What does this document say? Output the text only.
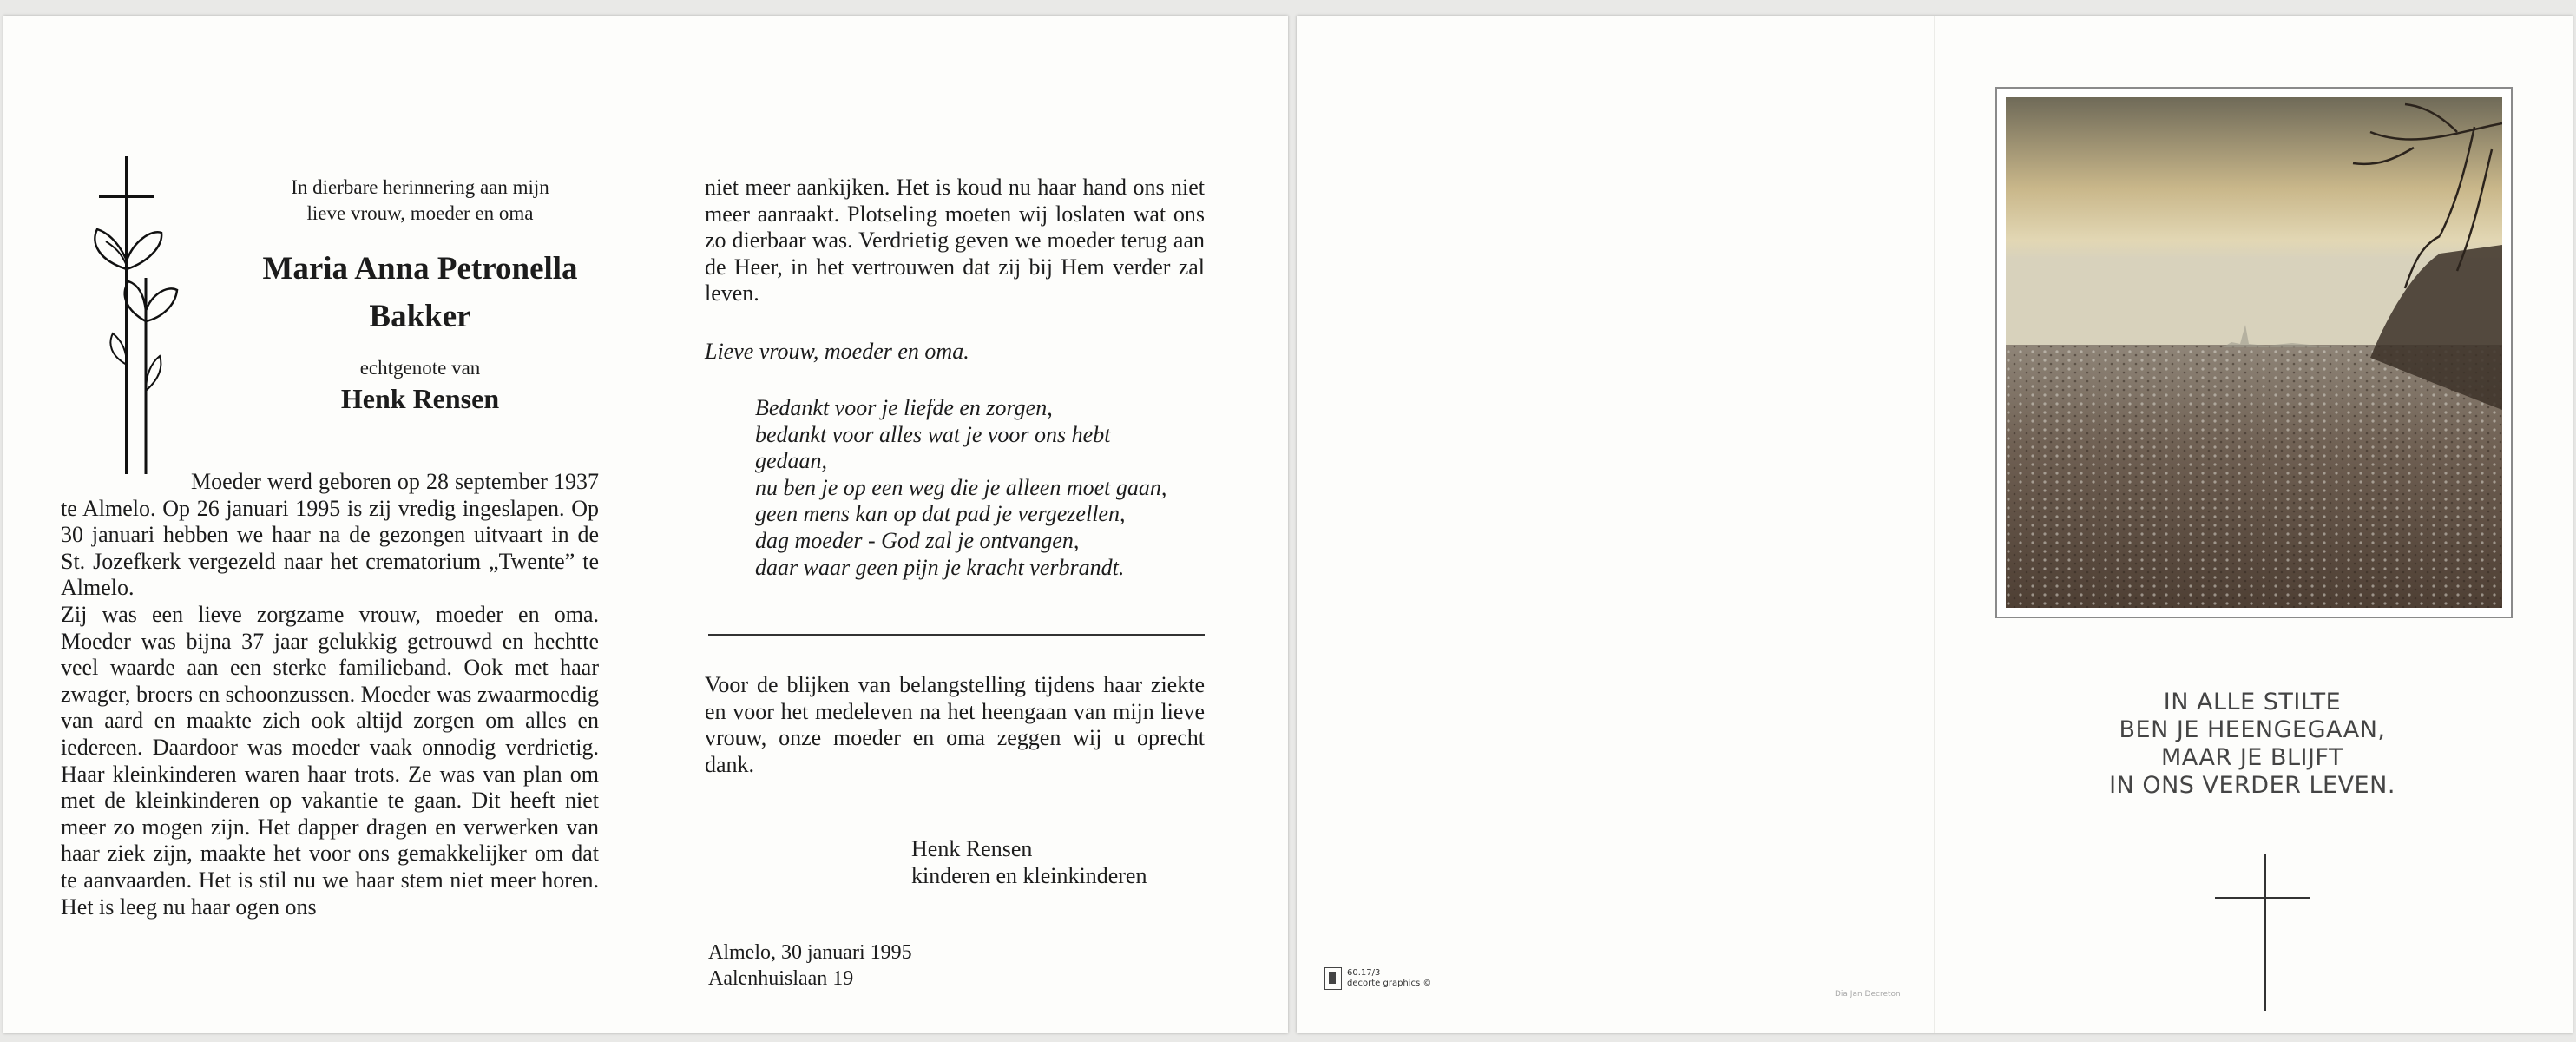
In dierbare herinnering aan mijn
lieve vrouw, moeder en oma
Maria Anna Petronella
Bakker
echtgenote van
Henk Rensen

Moeder werd geboren op 28 september 1937 te Almelo. Op 26 januari 1995 is zij vredig ingeslapen. Op 30 januari hebben we haar na de gezongen uitvaart in de St. Jozefkerk vergezeld naar het crematorium „Twente” te Almelo.

Zij was een lieve zorgzame vrouw, moeder en oma. Moeder was bijna 37 jaar gelukkig getrouwd en hechtte veel waarde aan een sterke familieband. Ook met haar zwager, broers en schoonzussen. Moeder was zwaarmoedig van aard en maakte zich ook altijd zorgen om alles en iedereen. Daardoor was moeder vaak onnodig verdrietig. Haar kleinkinderen waren haar trots. Ze was van plan om met de kleinkinderen op vakantie te gaan. Dit heeft niet meer zo mogen zijn. Het dapper dragen en verwerken van haar ziek zijn, maakte het voor ons gemakkelijker om dat te aanvaarden. Het is stil nu we haar stem niet meer horen. Het is leeg nu haar ogen ons

niet meer aankijken. Het is koud nu haar hand ons niet meer aanraakt. Plotseling moeten wij loslaten wat ons zo dierbaar was. Verdrietig geven we moeder terug aan de Heer, in het vertrouwen dat zij bij Hem verder zal leven.

Lieve vrouw, moeder en oma.
Bedankt voor je liefde en zorgen,
bedankt voor alles wat je voor ons hebt
gedaan,
nu ben je op een weg die je alleen moet gaan,
geen mens kan op dat pad je vergezellen,
dag moeder - God zal je ontvangen,
daar waar geen pijn je kracht verbrandt.

Voor de blijken van belangstelling tijdens haar ziekte en voor het medeleven na het heengaan van mijn lieve vrouw, onze moeder en oma zeggen wij u oprecht dank.

Henk Rensen
kinderen en kleinkinderen
Almelo, 30 januari 1995
Aalenhuislaan 19
IN ALLE STILTE
BEN JE HEENGEGAAN,
MAAR JE BLIJFT
IN ONS VERDER LEVEN.
60.17/3
decorte graphics ©
Dia Jan Decreton
